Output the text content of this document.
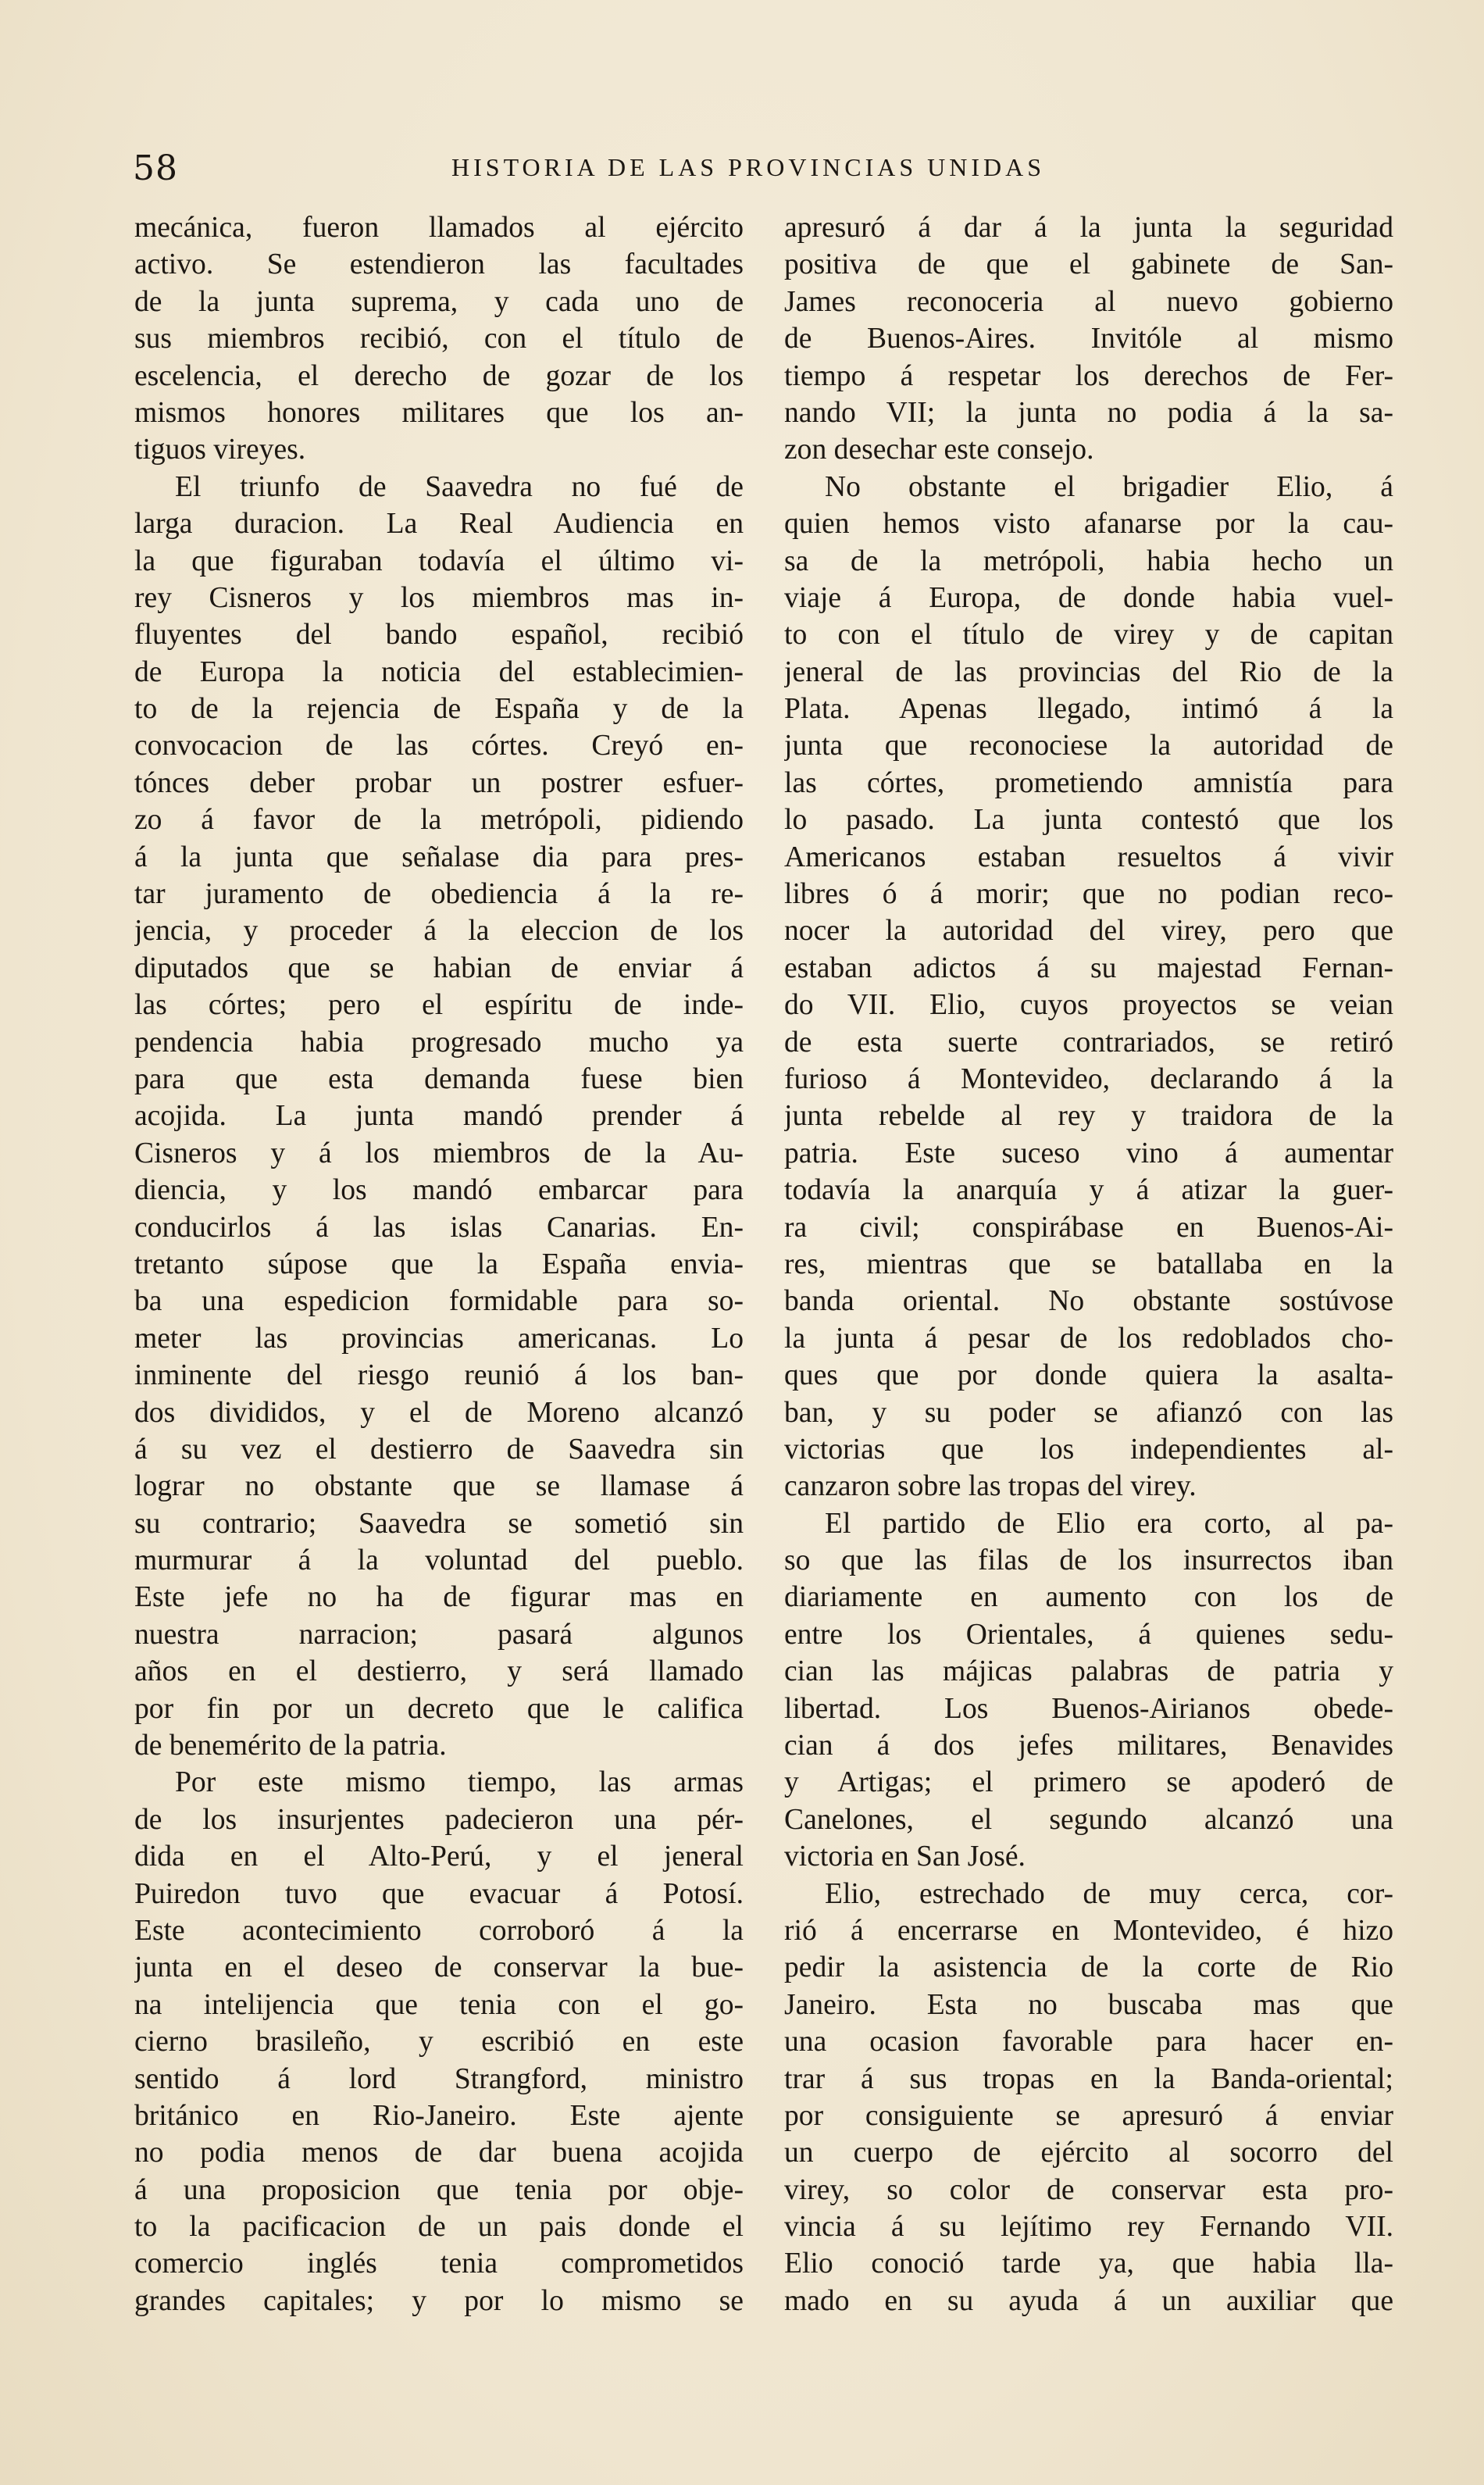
58	HISTORIA DE LAS PROVINCIAS UNIDAS
mecánica, fueron llamados al ejército
activo. Se estendieron las facultades
de la junta suprema, y cada uno de
sus miembros recibió, con el título de
escelencia, el derecho de gozar de los
mismos honores militares que los an-
tiguos vireyes.
El triunfo de Saavedra no fué de
larga duracion. La Real Audiencia en
la que figuraban todavía el último vi-
rey Cisneros y los miembros mas in-
fluyentes del bando español, recibió
de Europa la noticia del establecimien-
to de la rejencia de España y de la
convocacion de las córtes. Creyó en-
tónces deber probar un postrer esfuer-
zo á favor de la metrópoli, pidiendo
á la junta que señalase dia para pres-
tar juramento de obediencia á la re-
jencia, y proceder á la eleccion de los
diputados que se habian de enviar á
las córtes; pero el espíritu de inde-
pendencia habia progresado mucho ya
para que esta demanda fuese bien
acojida. La junta mandó prender á
Cisneros y á los miembros de la Au-
diencia, y los mandó embarcar para
conducirlos á las islas Canarias. En-
tretanto súpose que la España envia-
ba una espedicion formidable para so-
meter las provincias americanas. Lo
inminente del riesgo reunió á los ban-
dos divididos, y el de Moreno alcanzó
á su vez el destierro de Saavedra sin
lograr no obstante que se llamase á
su contrario; Saavedra se sometió sin
murmurar á la voluntad del pueblo.
Este jefe no ha de figurar mas en
nuestra narracion; pasará algunos
años en el destierro, y será llamado
por fin por un decreto que le califica
de benemérito de la patria.
Por este mismo tiempo, las armas
de los insurjentes padecieron una pér-
dida en el Alto-Perú, y el jeneral
Puiredon tuvo que evacuar á Potosí.
Este acontecimiento corroboró á la
junta en el deseo de conservar la bue-
na intelijencia que tenia con el go-
cierno brasileño, y escribió en este
sentido á lord Strangford, ministro
británico en Rio-Janeiro. Este ajente
no podia menos de dar buena acojida
á una proposicion que tenia por obje-
to la pacificacion de un pais donde el
comercio inglés tenia comprometidos
grandes capitales; y por lo mismo se
apresuró á dar á la junta la seguridad
positiva de que el gabinete de San-
James reconoceria al nuevo gobierno
de Buenos-Aires. Invitóle al mismo
tiempo á respetar los derechos de Fer-
nando VII; la junta no podia á la sa-
zon desechar este consejo.
No obstante el brigadier Elio, á
quien hemos visto afanarse por la cau-
sa de la metrópoli, habia hecho un
viaje á Europa, de donde habia vuel-
to con el título de virey y de capitan
jeneral de las provincias del Rio de la
Plata. Apenas llegado, intimó á la
junta que reconociese la autoridad de
las córtes, prometiendo amnistía para
lo pasado. La junta contestó que los
Americanos estaban resueltos á vivir
libres ó á morir; que no podian reco-
nocer la autoridad del virey, pero que
estaban adictos á su majestad Fernan-
do VII. Elio, cuyos proyectos se veian
de esta suerte contrariados, se retiró
furioso á Montevideo, declarando á la
junta rebelde al rey y traidora de la
patria. Este suceso vino á aumentar
todavía la anarquía y á atizar la guer-
ra civil; conspirábase en Buenos-Ai-
res, mientras que se batallaba en la
banda oriental. No obstante sostúvose
la junta á pesar de los redoblados cho-
ques que por donde quiera la asalta-
ban, y su poder se afianzó con las
victorias que los independientes al-
canzaron sobre las tropas del virey.
El partido de Elio era corto, al pa-
so que las filas de los insurrectos iban
diariamente en aumento con los de
entre los Orientales, á quienes sedu-
cian las májicas palabras de patria y
libertad. Los Buenos-Airianos obede-
cian á dos jefes militares, Benavides
y Artigas; el primero se apoderó de
Canelones, el segundo alcanzó una
victoria en San José.
Elio, estrechado de muy cerca, cor-
rió á encerrarse en Montevideo, é hizo
pedir la asistencia de la corte de Rio
Janeiro. Esta no buscaba mas que
una ocasion favorable para hacer en-
trar á sus tropas en la Banda-oriental;
por consiguiente se apresuró á enviar
un cuerpo de ejército al socorro del
virey, so color de conservar esta pro-
vincia á su lejítimo rey Fernando VII.
Elio conoció tarde ya, que habia lla-
mado en su ayuda á un auxiliar que
